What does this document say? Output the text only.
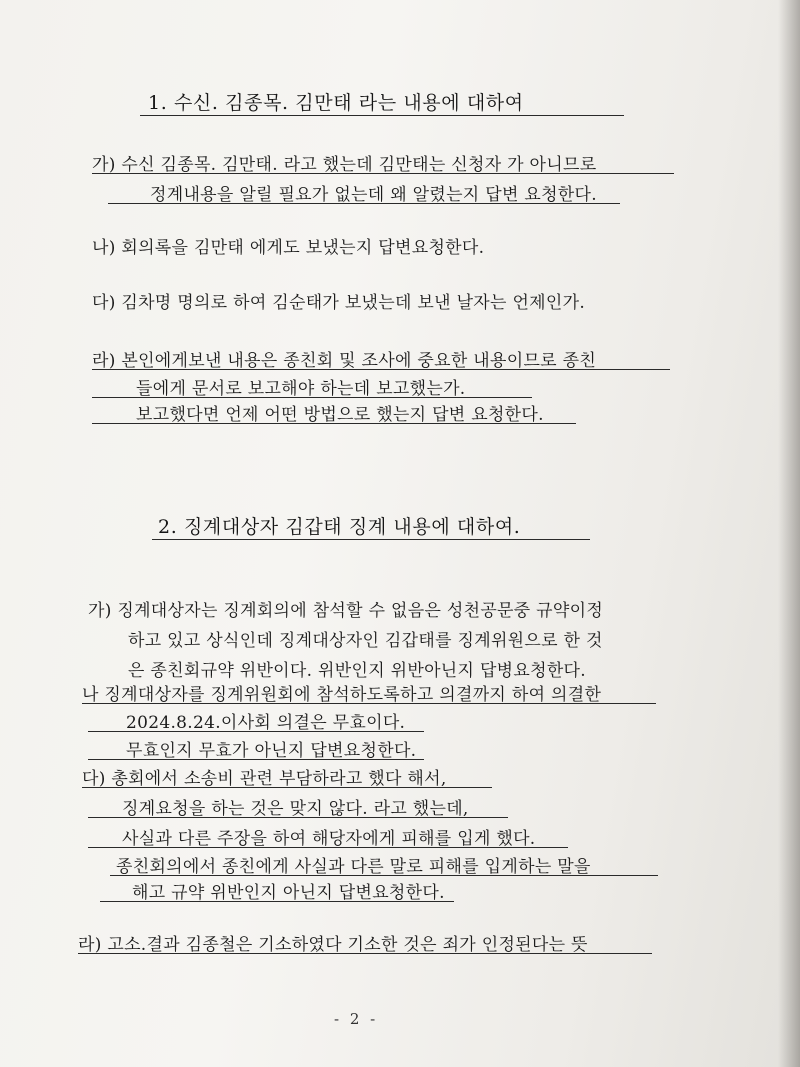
1. 수신. 김종목. 김만태 라는 내용에 대하여
가) 수신 김종목. 김만태. 라고 했는데 김만태는 신청자 가 아니므로
정계내용을 알릴 필요가 없는데 왜 알렸는지 답변 요청한다.
나) 회의록을 김만태 에게도 보냈는지 답변요청한다.
다) 김차명 명의로 하여 김순태가 보냈는데 보낸 날자는 언제인가.
라) 본인에게보낸 내용은 종친회 및 조사에 중요한 내용이므로 종친
들에게 문서로 보고해야 하는데 보고했는가.
보고했다면 언제 어떤 방법으로 했는지 답변 요청한다.
2. 징계대상자 김갑태 징계 내용에 대하여.
가) 징계대상자는 징계회의에 참석할 수 없음은 성천공문중 규약이정
하고 있고 상식인데 징계대상자인 김갑태를 징계위원으로 한 것
은 종친회규약 위반이다. 위반인지 위반아닌지 답병요청한다.
나 징계대상자를 징계위원회에 참석하도록하고 의결까지 하여 의결한
2024.8.24.이사회 의결은 무효이다.
무효인지 무효가 아닌지 답변요청한다.
다) 총회에서 소송비 관련 부담하라고 했다 해서,
징계요청을 하는 것은 맞지 않다. 라고 했는데,
사실과 다른 주장을 하여 해당자에게 피해를 입게 했다.
종친회의에서 종친에게 사실과 다른 말로 피해를 입게하는 말을
해고 규약 위반인지 아닌지 답변요청한다.
라) 고소.결과 김종철은 기소하였다 기소한 것은 죄가 인정된다는 뜻
- 2 -
